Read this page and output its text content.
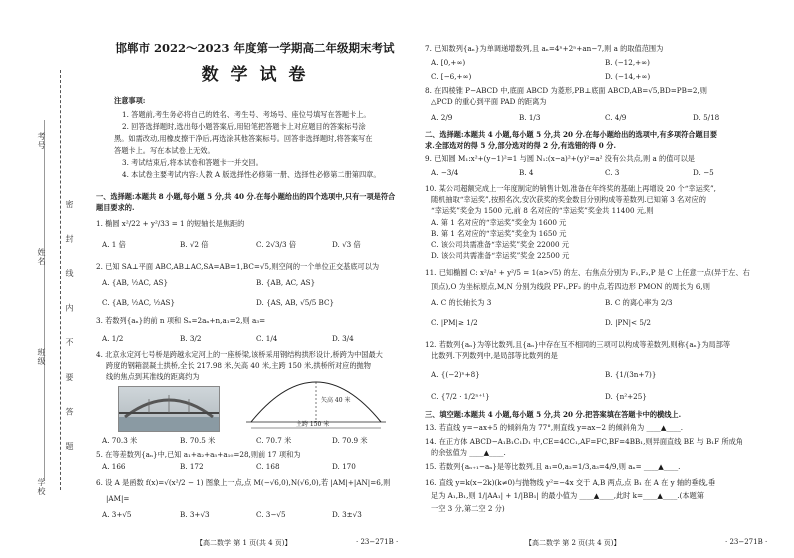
考号
姓名
班级
学校
密 封 线 内 不 要 答 题
邯郸市 2022～2023 年度第一学期高二年级期末考试
数 学 试 卷
注意事项:
1. 答题前,考生务必将自己的姓名、考生号、考场号、座位号填写在答题卡上。
2. 回答选择题时,选出每小题答案后,用铅笔把答题卡上对应题目的答案标号涂
黑。如需改动,用橡皮擦干净后,再选涂其他答案标号。回答非选择题时,将答案写在
答题卡上。写在本试卷上无效。
3. 考试结束后,将本试卷和答题卡一并交回。
4. 本试卷主要考试内容:人教 A 版选择性必修第一册、选择性必修第二册第四章。
一、选择题:本题共 8 小题,每小题 5 分,共 40 分.在每小题给出的四个选项中,只有一项是符合
题目要求的.
1. 椭圆 x²/22 + y²/33 = 1 的短轴长是焦距的
A. 1 倍	B. √2 倍	C. 2√3/3 倍	D. √3 倍
2. 已知 SA⊥平面 ABC,AB⊥AC,SA=AB=1,BC=√5,则空间的一个单位正交基底可以为
A. {AB, ½AC, AS}	B. {AB, AC, AS}
C. {AB, ½AC, ½AS}	D. {AS, AB, √5/5 BC}
3. 若数列{aₙ}的前 n 项和 Sₙ=2aₙ+n,a₁=2,则 a₃=
A. 1/2	B. 3/2	C. 1/4	D. 3/4
4. 北京永定河七号桥是跨越永定河上的一座桥梁,该桥采用钢结构拱形设计,桥跨为中国最大
跨度的钢箱混凝土拱桥,全长 217.98 米,矢高 40 米,主跨 150 米,拱桥所对应的抛物
线的焦点到其准线的距离约为
矢高 40 米
主跨 150 米
A. 70.3 米	B. 70.5 米	C. 70.7 米	D. 70.9 米
5. 在等差数列{aₙ}中,已知 a₁+a₂+a₅+a₁₀=28,则前 17 项和为
A. 166	B. 172	C. 168	D. 170
6. 设 A 是函数 f(x)=√(x²/2 − 1) 图象上一点,点 M(−√6,0),N(√6,0),若 |AM|+|AN|=6,则
|AM|=
A. 3+√5	B. 3+√3	C. 3−√5	D. 3±√3
【高二数学 第 1 页(共 4 页)】	· 23−271B ·
7. 已知数列{aₙ}为单调递增数列,且 aₙ=4ⁿ+2ⁿ+an−7,则 a 的取值范围为
A. [0,+∞)	B. (−12,+∞)
C. [−6,+∞)	D. (−14,+∞)
8. 在四棱锥 P−ABCD 中,底面 ABCD 为菱形,PB⊥底面 ABCD,AB=√5,BD=PB=2,则
△PCD 的重心到平面 PAD 的距离为
A. 2/9	B. 1/3	C. 4/9	D. 5/18
二、选择题:本题共 4 小题,每小题 5 分,共 20 分.在每小题给出的选项中,有多项符合题目要
求.全部选对的得 5 分,部分选对的得 2 分,有选错的得 0 分.
9. 已知圆 M₁:x²+(y−1)²=1 与圆 N₁:(x−a)²+(y)²=a² 没有公共点,则 a 的值可以是
A. −3/4	B. 4	C. 3	D. −5
10. 某公司超额完成上一年度制定的销售计划,准备在年终奖的基础上再增设 20 个“幸运奖”,
随机抽取“幸运奖”,按照名次,安次获奖的奖金数目分别构成等差数列.已知第 3 名对应的
“幸运奖”奖金为 1500 元,前 8 名对应的“幸运奖”奖金共 11400 元,则
A. 第 1 名对应的“幸运奖”奖金为 1600 元
B. 第 1 名对应的“幸运奖”奖金为 1650 元
C. 该公司共需准备“幸运奖”奖金 22000 元
D. 该公司共需准备“幸运奖”奖金 22500 元
11. 已知椭圆 C: x²/a² + y²/5 = 1(a>√5) 的左、右焦点分别为 F₁,F₂,P 是 C 上任意一点(异于左、右
顶点),O 为坐标原点,M,N 分别为线段 PF₁,PF₂ 的中点,若四边形 PMON 的周长为 6,则
A. C 的长轴长为 3	B. C 的离心率为 2/3
C. |PM|≥ 1/2	D. |PN|< 5/2
12. 若数列{aₙ}为等比数列,且{aₙ}中存在互不相同的三项可以构成等差数列,则称{aₙ}为局部等
比数列.下列数列中,是局部等比数列的是
A. {(−2)ⁿ+8}	B. {1/(3n+7)}
C. {7/2 · 1/2ⁿ⁺¹}	D. {n²+25}
三、填空题:本题共 4 小题,每小题 5 分,共 20 分.把答案填在答题卡中的横线上.
13. 若直线 y=−ax+5 的倾斜角为 77°,则直线 y=ax−2 的倾斜角为 ____▲____.
14. 在正方体 ABCD−A₁B₁C₁D₁ 中,CE=4CC₁,AF=FC,BF=4BB₁,则异面直线 BE 与 B₁F 所成角
的余弦值为 ____▲____.
15. 若数列{aₙ₊₁−aₙ}是等比数列,且 a₁=0,a₂=1/3,a₃=4/9,则 aₙ= ____▲____.
16. 直线 y=k(x−2k)(k≠0)与抛物线 y²=−4x 交于 A,B 两点,点 B₁ 在 A 在 y 轴的垂线,垂
足为 A₁,B₁,则 1/|AA₁| + 1/|BB₁| 的最小值为 ____▲____,此时 k=____▲____.(本题第
一空 3 分,第二空 2 分)
【高二数学 第 2 页(共 4 页)】	· 23−271B ·
